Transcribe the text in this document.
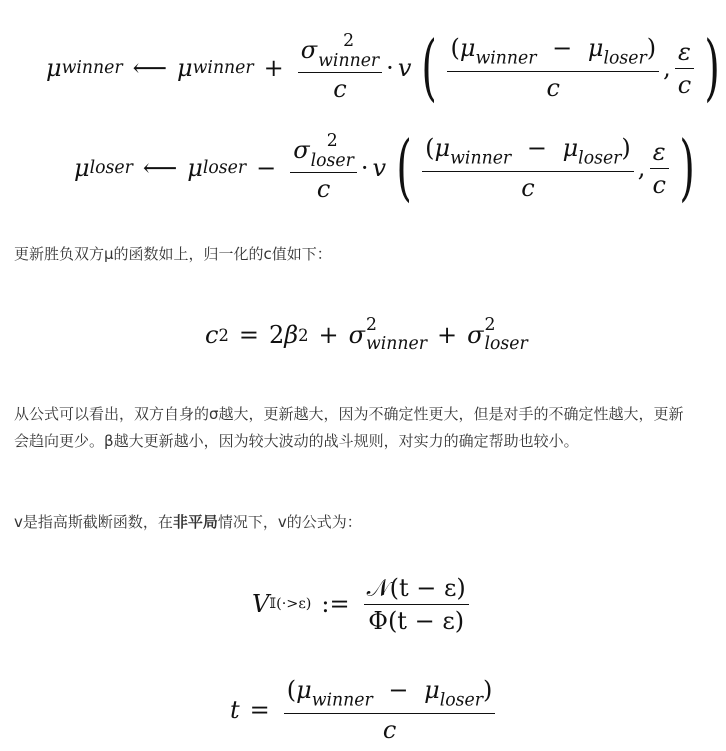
μ winner ⟵ μ winner + σ	2
winner
c · v ( $\frac{(\mu_{winner} - \mu_{loser})}{c}$ , $\frac{\varepsilon}{c}$ )
μ loser ⟵ μ loser − σ 2
loser
c · v ( $\frac{(\mu_{winner} - \mu_{loser})}{c}$ , $\frac{\varepsilon}{c}$ )
更新胜负双方μ的函数如上，归一化的c值如下：
c 2 = 2 β 2 + σ 2
winner + σ 2
loser
从公式可以看出，双方自身的σ越大，更新越大，因为不确定性更大，但是对手的不确定性越大，更新会趋向更少。β越大更新越小，因为较大波动的战斗规则，对实力的确定帮助也较小。
v是指高斯截断函数，在非平局情况下，v的公式为：
V 𝕀(·>ε) := $\frac{\text{𝒩(t − ε)}}{\Phi(t - \varepsilon)}$
$t = \frac{(\mu_{winner} - \mu_{loser})}{c}$
